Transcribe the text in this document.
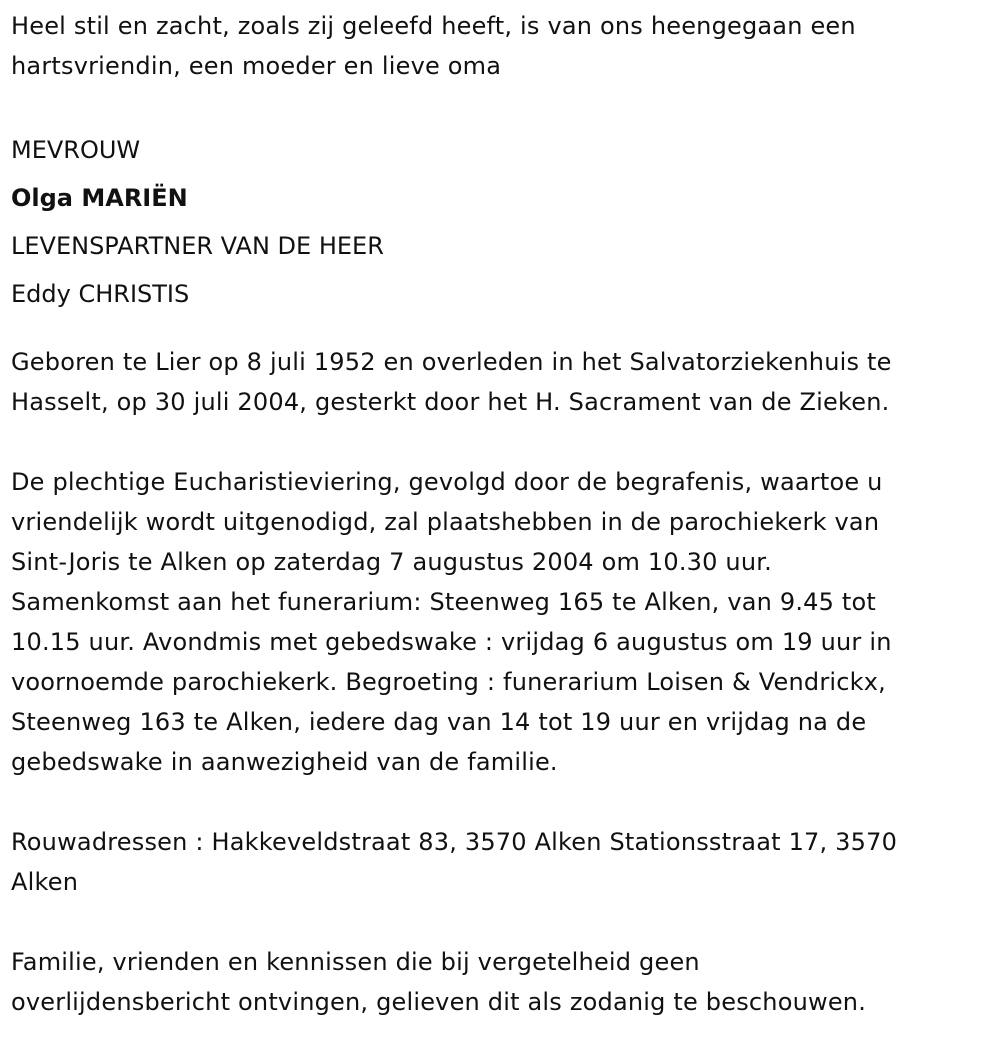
Heel stil en zacht, zoals zij geleefd heeft, is van ons heengegaan een

hartsvriendin, een moeder en lieve oma

MEVROUW

Olga MARIËN

LEVENSPARTNER VAN DE HEER

Eddy CHRISTIS

Geboren te Lier op 8 juli 1952 en overleden in het Salvatorziekenhuis te

Hasselt, op 30 juli 2004, gesterkt door het H. Sacrament van de Zieken.

De plechtige Eucharistieviering, gevolgd door de begrafenis, waartoe u

vriendelijk wordt uitgenodigd, zal plaatshebben in de parochiekerk van

Sint-Joris te Alken op zaterdag 7 augustus 2004 om 10.30 uur.

Samenkomst aan het funerarium: Steenweg 165 te Alken, van 9.45 tot

10.15 uur. Avondmis met gebedswake : vrijdag 6 augustus om 19 uur in

voornoemde parochiekerk. Begroeting : funerarium Loisen & Vendrickx,

Steenweg 163 te Alken, iedere dag van 14 tot 19 uur en vrijdag na de

gebedswake in aanwezigheid van de familie.

Rouwadressen : Hakkeveldstraat 83, 3570 Alken Stationsstraat 17, 3570

Alken

Familie, vrienden en kennissen die bij vergetelheid geen

overlijdensbericht ontvingen, gelieven dit als zodanig te beschouwen.
